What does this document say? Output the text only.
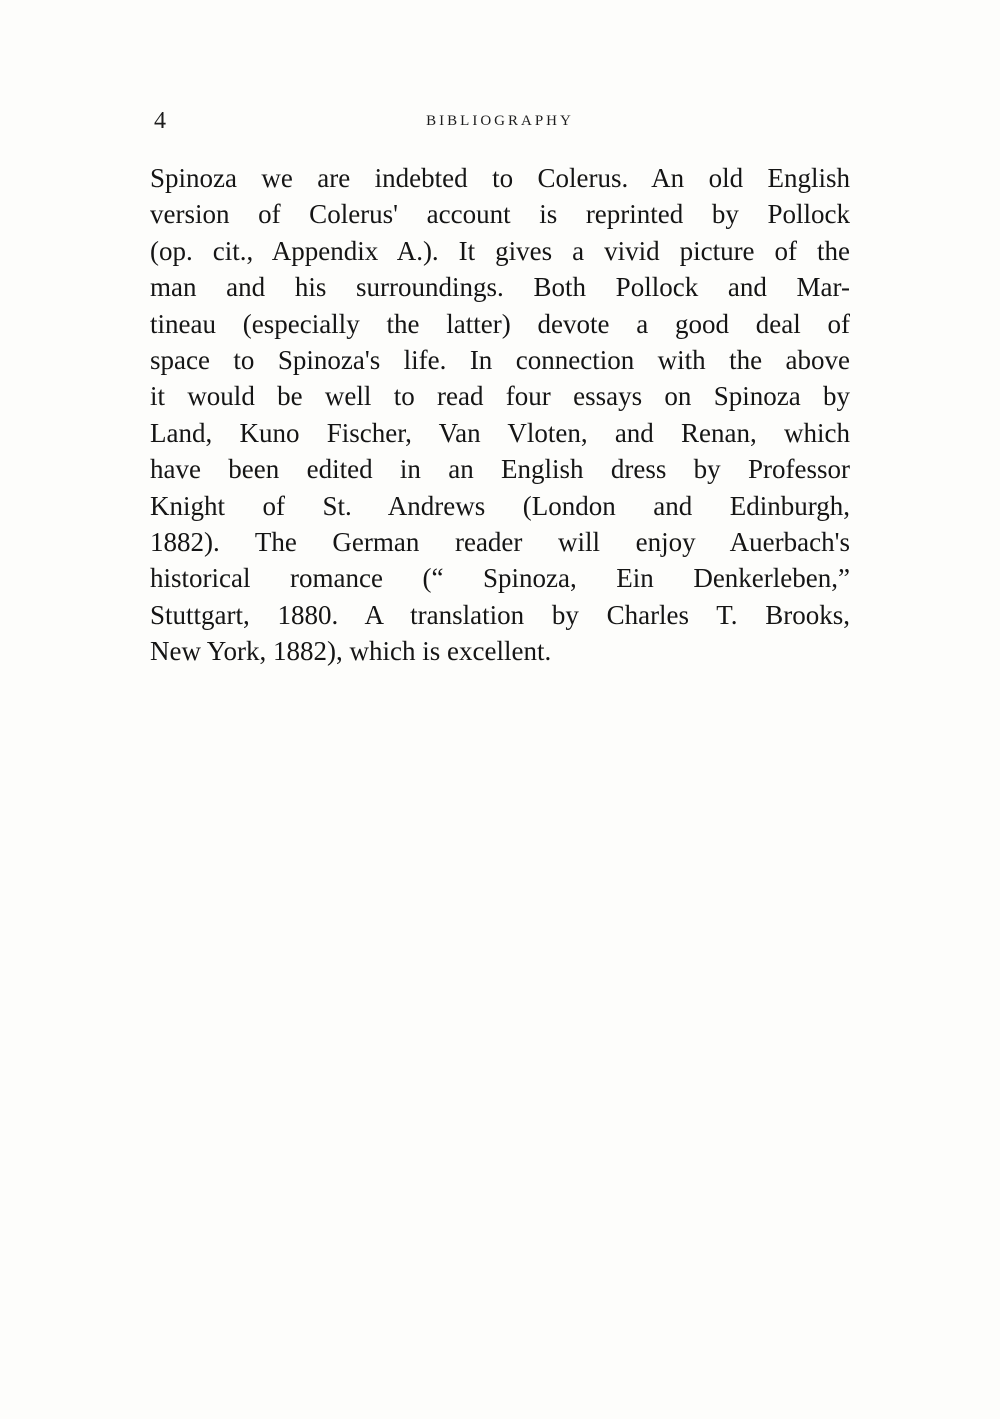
4	BIBLIOGRAPHY
Spinoza we are indebted to Colerus. An old English
version of Colerus' account is reprinted by Pollock
(op. cit., Appendix A.). It gives a vivid picture of the
man and his surroundings. Both Pollock and Mar-
tineau (especially the latter) devote a good deal of
space to Spinoza's life. In connection with the above
it would be well to read four essays on Spinoza by
Land, Kuno Fischer, Van Vloten, and Renan, which
have been edited in an English dress by Professor
Knight of St. Andrews (London and Edinburgh,
1882). The German reader will enjoy Auerbach's
historical romance (“ Spinoza, Ein Denkerleben,”
Stuttgart, 1880. A translation by Charles T. Brooks,
New York, 1882), which is excellent.
